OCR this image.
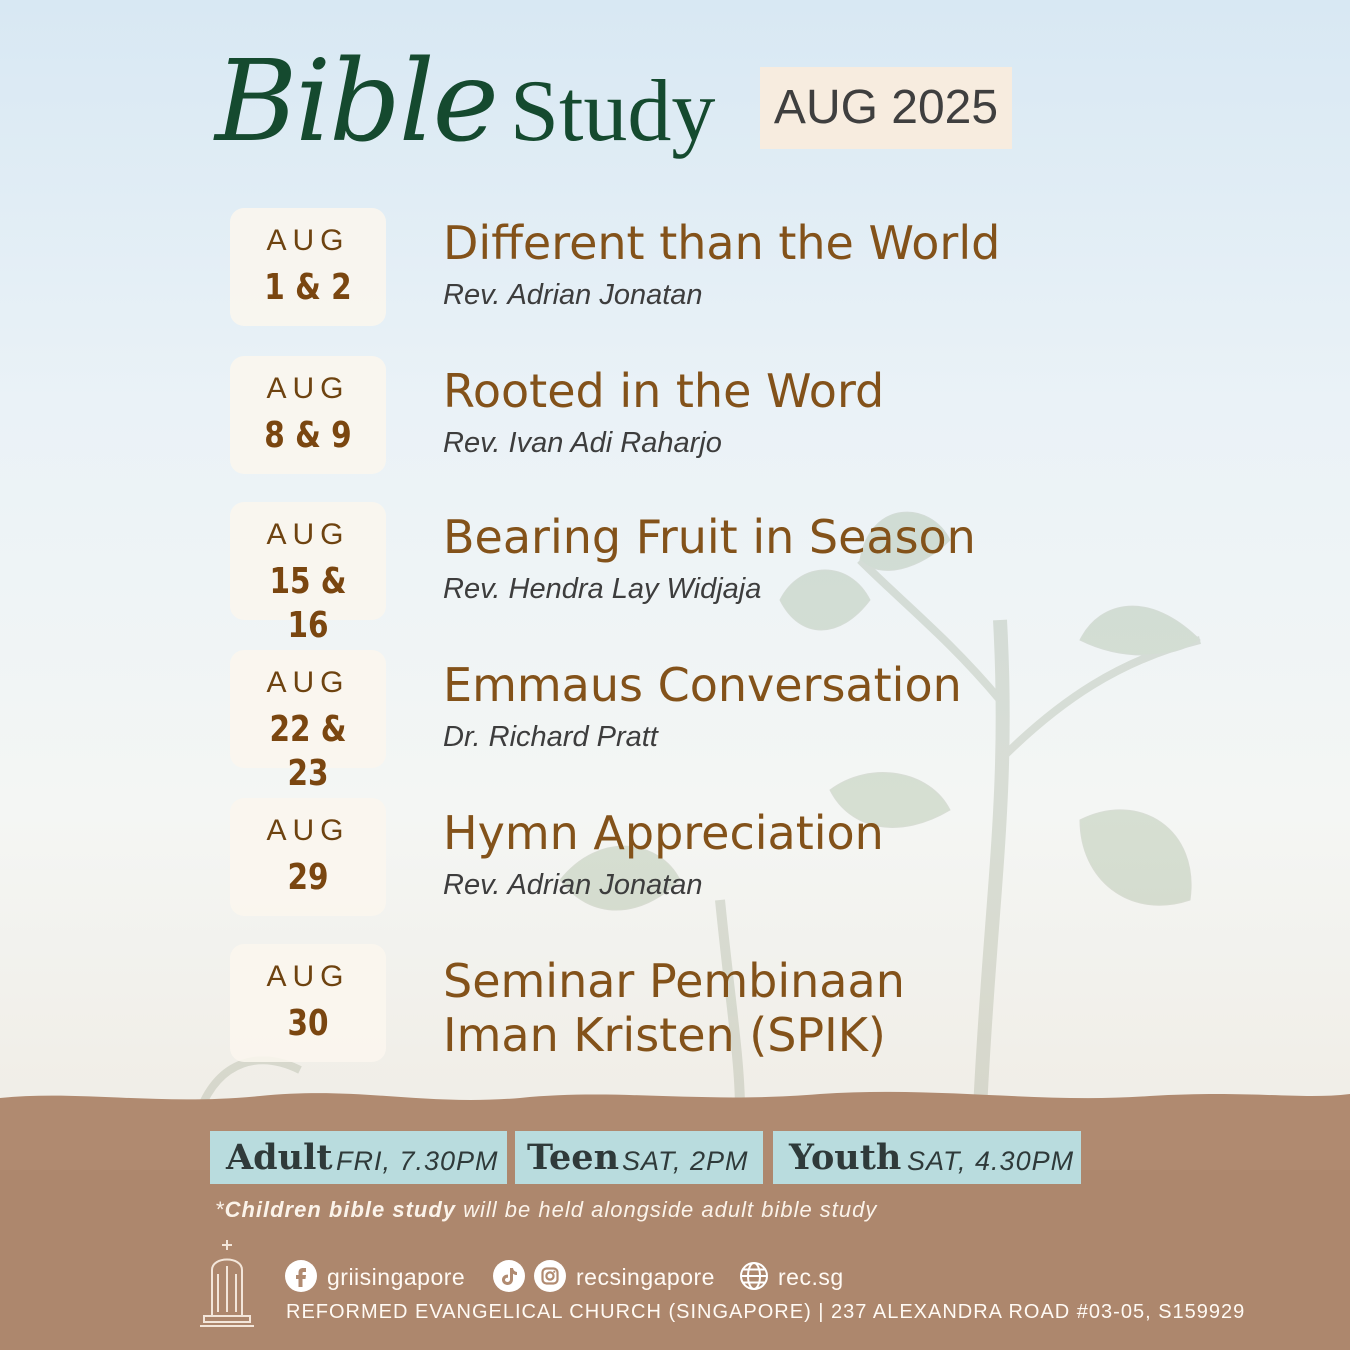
Bible Study AUG 2025
AUG
1 & 2
Different than the World
Rev. Adrian Jonatan
AUG
8 & 9
Rooted in the Word
Rev. Ivan Adi Raharjo
AUG
15 & 16
Bearing Fruit in Season
Rev. Hendra Lay Widjaja
AUG
22 & 23
Emmaus Conversation
Dr. Richard Pratt
AUG
29
Hymn Appreciation
Rev. Adrian Jonatan
AUG
30
Seminar Pembinaan
Iman Kristen (SPIK)
Adult FRI, 7.30PM Teen SAT, 2PM Youth SAT, 4.30PM
*Children bible study will be held alongside adult bible study
griisingapore	recsingapore	rec.sg
REFORMED EVANGELICAL CHURCH (SINGAPORE) | 237 ALEXANDRA ROAD #03-05, S159929
